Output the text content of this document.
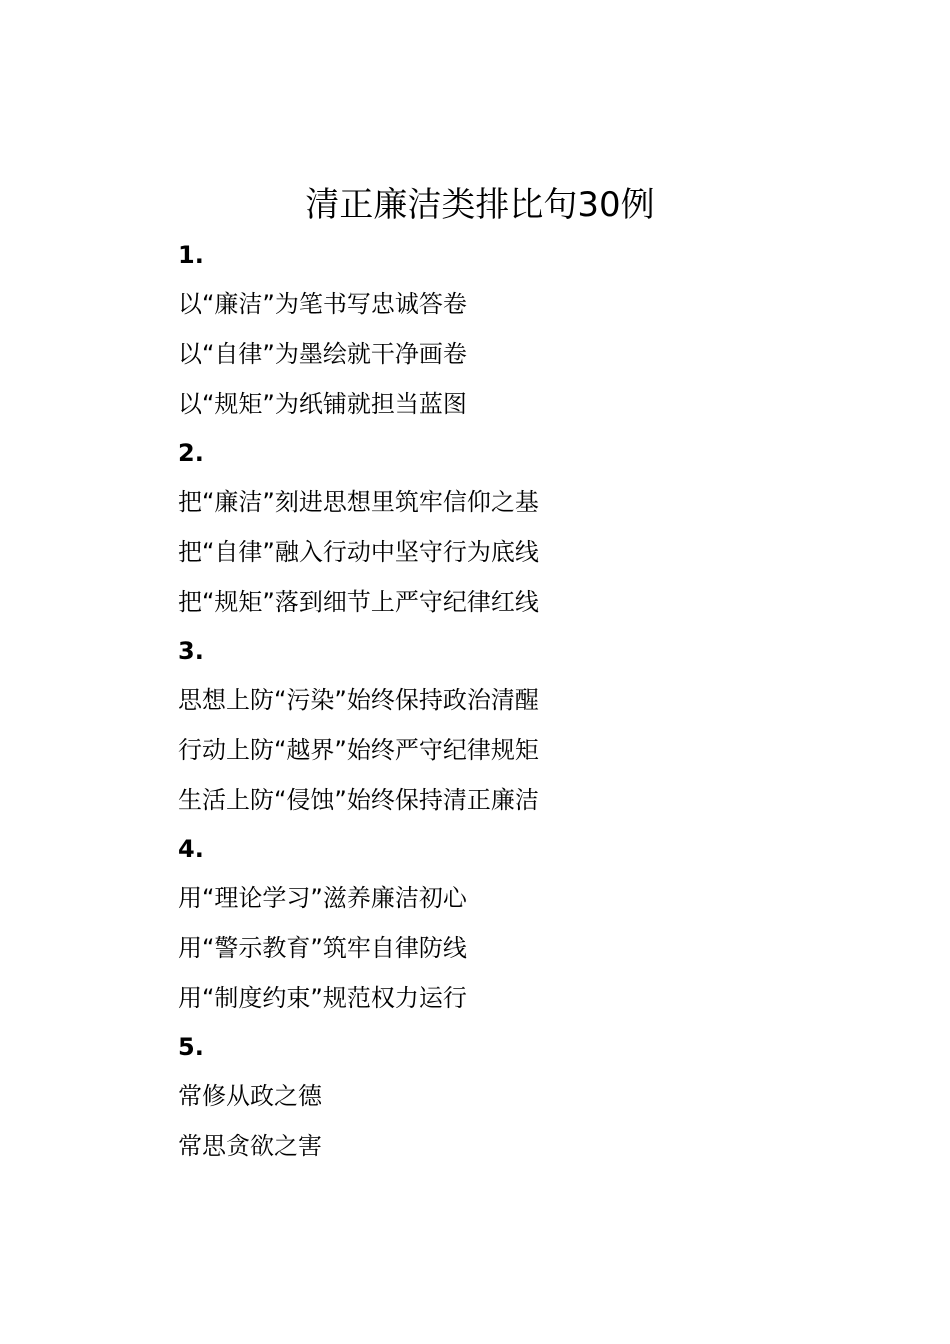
清正廉洁类排比句30例
1.
以“廉洁”为笔书写忠诚答卷
以“自律”为墨绘就干净画卷
以“规矩”为纸铺就担当蓝图
2.
把“廉洁”刻进思想里筑牢信仰之基
把“自律”融入行动中坚守行为底线
把“规矩”落到细节上严守纪律红线
3.
思想上防“污染”始终保持政治清醒
行动上防“越界”始终严守纪律规矩
生活上防“侵蚀”始终保持清正廉洁
4.
用“理论学习”滋养廉洁初心
用“警示教育”筑牢自律防线
用“制度约束”规范权力运行
5.
常修从政之德
常思贪欲之害
